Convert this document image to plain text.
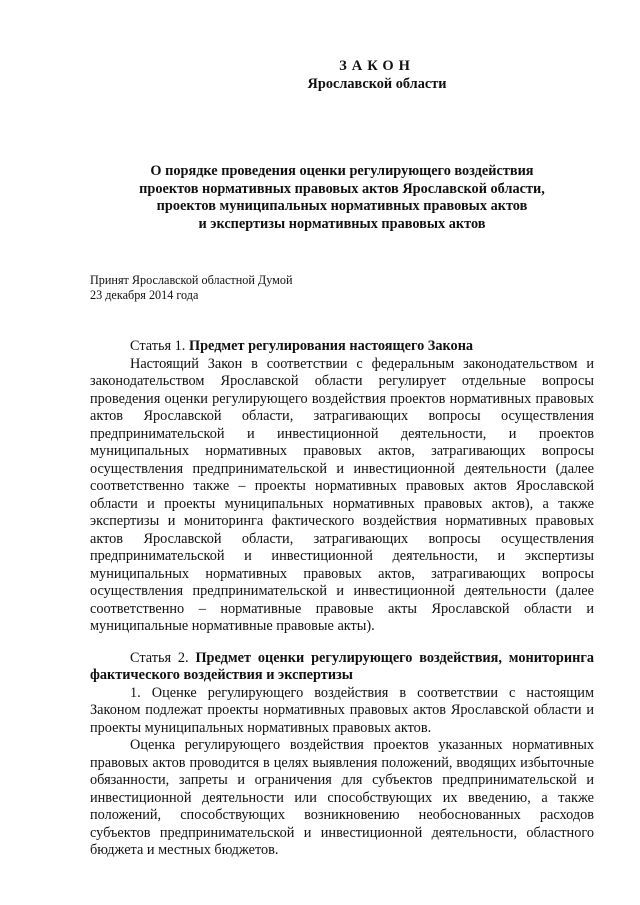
ЗАКОН

Ярославской области

О порядке проведения оценки регулирующего воздействия
проектов нормативных правовых актов Ярославской области,
проектов муниципальных нормативных правовых актов
и экспертизы нормативных правовых актов
Принят Ярославской областной Думой
23 декабря 2014 года

Статья 1. Предмет регулирования настоящего Закона

Настоящий Закон в соответствии с федеральным законодательством и законодательством Ярославской области регулирует отдельные вопросы проведения оценки регулирующего воздействия проектов нормативных правовых актов Ярославской области, затрагивающих вопросы осуществления предпринимательской и инвестиционной деятельности, и проектов муниципальных нормативных правовых актов, затрагивающих вопросы осуществления предпринимательской и инвестиционной деятельности (далее соответственно также – проекты нормативных правовых актов Ярославской области и проекты муниципальных нормативных правовых актов), а также экспертизы и мониторинга фактического воздействия нормативных правовых актов Ярославской области, затрагивающих вопросы осуществления предпринимательской и инвестиционной деятельности, и экспертизы муниципальных нормативных правовых актов, затрагивающих вопросы осуществления предпринимательской и инвестиционной деятельности (далее соответственно – нормативные правовые акты Ярославской области и муниципальные нормативные правовые акты).

Статья 2. Предмет оценки регулирующего воздействия, мониторинга фактического воздействия и экспертизы

1. Оценке регулирующего воздействия в соответствии с настоящим Законом подлежат проекты нормативных правовых актов Ярославской области и проекты муниципальных нормативных правовых актов.

Оценка регулирующего воздействия проектов указанных нормативных правовых актов проводится в целях выявления положений, вводящих избыточные обязанности, запреты и ограничения для субъектов предпринимательской и инвестиционной деятельности или способствующих их введению, а также положений, способствующих возникновению необоснованных расходов субъектов предпринимательской и инвестиционной деятельности, областного бюджета и местных бюджетов.
